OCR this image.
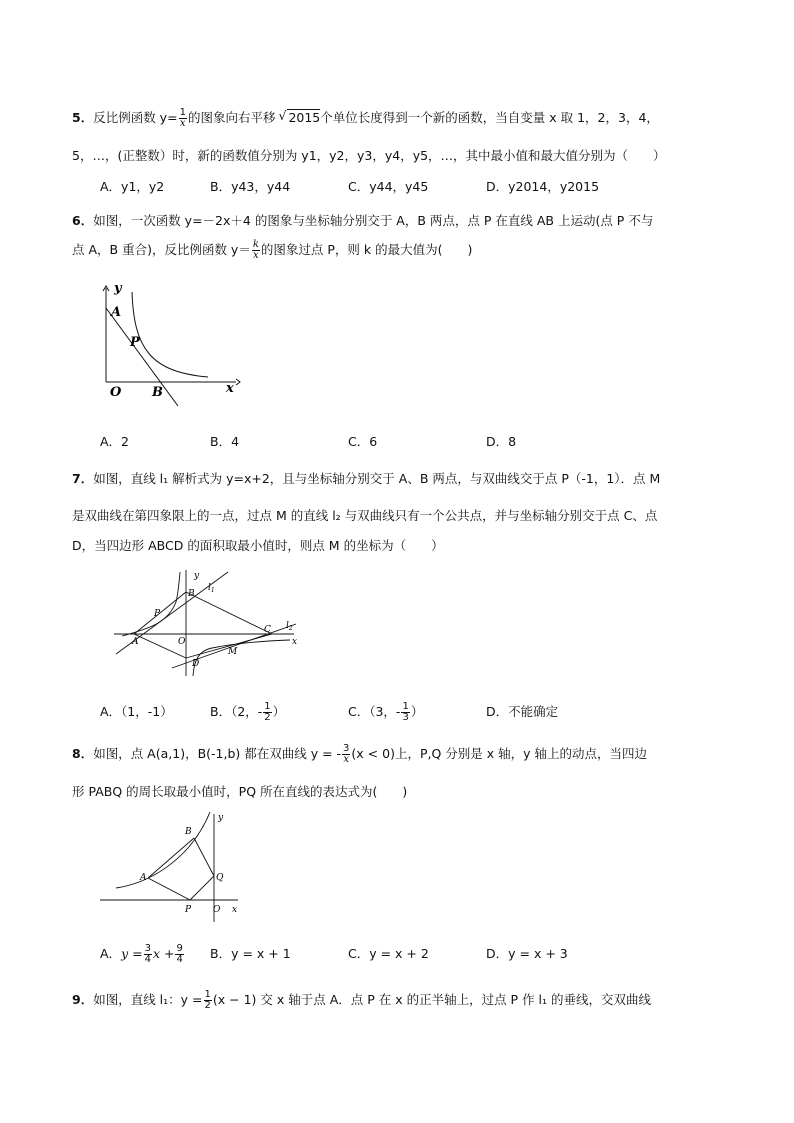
5．反比例函数 $y= \frac{1}{x}$ 的图象向右平移√ 2015个单位长度得到一个新的函数，当自变量 x 取 1，2，3，4，
5，…，(正整数）时，新的函数值分别为 y1，y2，y3，y4，y5，…，其中最小值和最大值分别为（　　）
A．y1，y2	B．y43，y44	C．y44，y45	D．y2014，y2015
6．如图，一次函数 y=－2x＋4 的图象与坐标轴分别交于 A，B 两点，点 P 在直线 AB 上运动(点 P 不与
点 A，B 重合)，反比例函数 $y= \frac{k}{x}$ 的图象过点 P，则 k 的最大值为(　　)
y
A
P
O B	x
A．2	B．4	C．6	D．8
7．如图，直线 l₁ 解析式为 y=x+2，且与坐标轴分别交于 A、B 两点，与双曲线交于点 P（-1，1）．点 M
是双曲线在第四象限上的一点，过点 M 的直线 l₂ 与双曲线只有一个公共点，并与坐标轴分别交于点 C、点
D，当四边形 ABCD 的面积取最小值时，则点 M 的坐标为（　　）
y
$l_1$
B
P
A	O
C $l_2$
x
D
M
A．（1，-1）	B．（2，- $\frac{1}{2}$ ）	C．（3，- $\frac{1}{3}$ ）	D．不能确定
8．如图，点 A(a,1)，B(-1,b) 都在双曲线 y = - $\frac{3}{x} (x < 0)$上，P,Q 分别是 x 轴，y 轴上的动点，当四边
形 PABQ 的周长取最小值时，PQ 所在直线的表达式为(　　)
y
B
A	Q
P O x
A．$y = \frac{3}{4}$ $x + \frac{9}{4}$ B．y = x + 1	C．y = x + 2	D．y = x + 3
9．如图，直线 l₁：$y = \frac{1}{2} (x - 1)$ 交 x 轴于点 A．点 P 在 x 的正半轴上，过点 P 作 l₁ 的垂线，交双曲线
